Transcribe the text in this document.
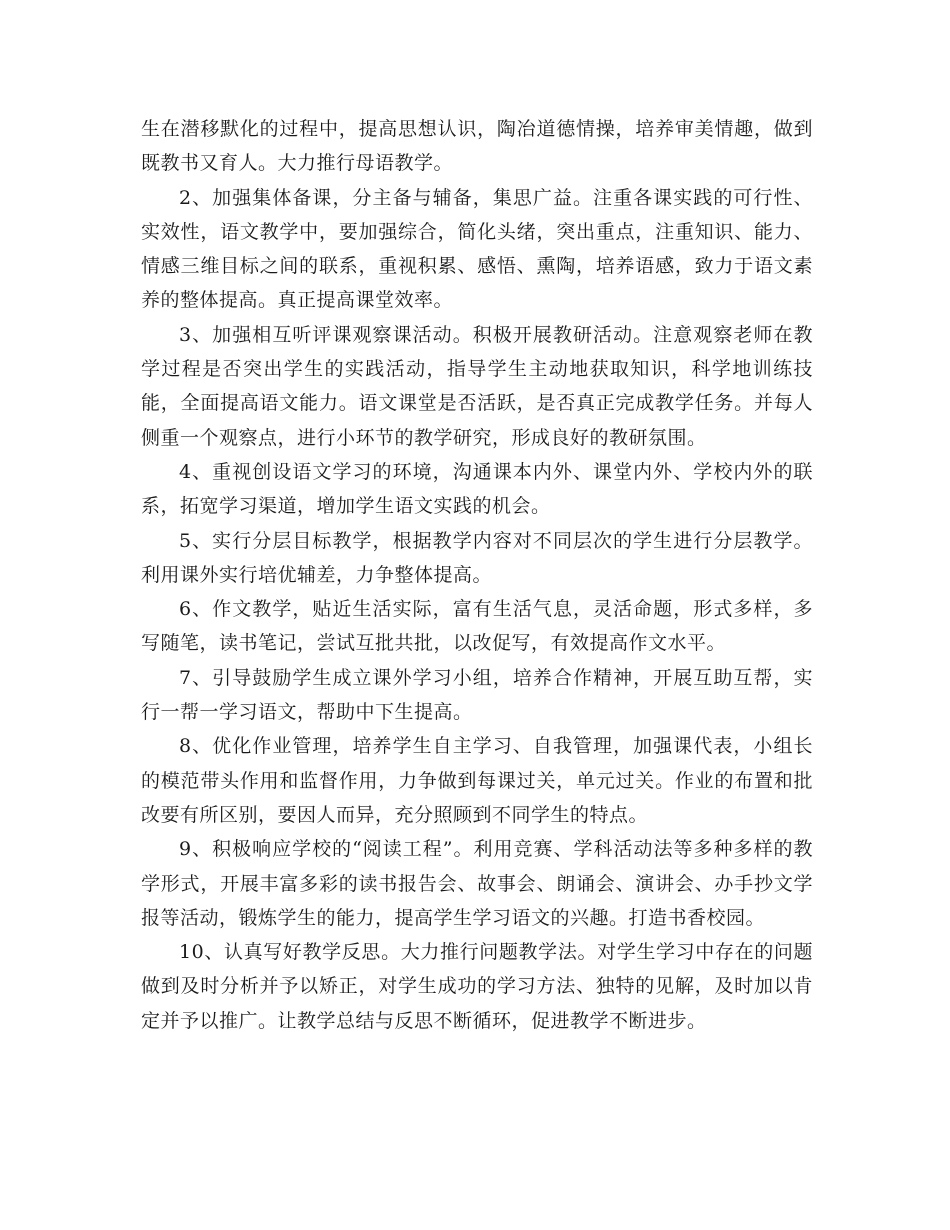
生在潜移默化的过程中，提高思想认识，陶冶道德情操，培养审美情趣，做到既教书又育人。大力推行母语教学。

2、加强集体备课，分主备与辅备，集思广益。注重各课实践的可行性、实效性，语文教学中，要加强综合，简化头绪，突出重点，注重知识、能力、情感三维目标之间的联系，重视积累、感悟、熏陶，培养语感，致力于语文素养的整体提高。真正提高课堂效率。

3、加强相互听评课观察课活动。积极开展教研活动。注意观察老师在教学过程是否突出学生的实践活动，指导学生主动地获取知识，科学地训练技能，全面提高语文能力。语文课堂是否活跃，是否真正完成教学任务。并每人侧重一个观察点，进行小环节的教学研究，形成良好的教研氛围。

4、重视创设语文学习的环境，沟通课本内外、课堂内外、学校内外的联系，拓宽学习渠道，增加学生语文实践的机会。

5、实行分层目标教学，根据教学内容对不同层次的学生进行分层教学。利用课外实行培优辅差，力争整体提高。

6、作文教学，贴近生活实际，富有生活气息，灵活命题，形式多样，多写随笔，读书笔记，尝试互批共批，以改促写，有效提高作文水平。

7、引导鼓励学生成立课外学习小组，培养合作精神，开展互助互帮，实行一帮一学习语文，帮助中下生提高。

8、优化作业管理，培养学生自主学习、自我管理，加强课代表，小组长的模范带头作用和监督作用，力争做到每课过关，单元过关。作业的布置和批改要有所区别，要因人而异，充分照顾到不同学生的特点。

9、积极响应学校的“阅读工程”。利用竞赛、学科活动法等多种多样的教学形式，开展丰富多彩的读书报告会、故事会、朗诵会、演讲会、办手抄文学报等活动，锻炼学生的能力，提高学生学习语文的兴趣。打造书香校园。

10、认真写好教学反思。大力推行问题教学法。对学生学习中存在的问题做到及时分析并予以矫正，对学生成功的学习方法、独特的见解，及时加以肯定并予以推广。让教学总结与反思不断循环，促进教学不断进步。
